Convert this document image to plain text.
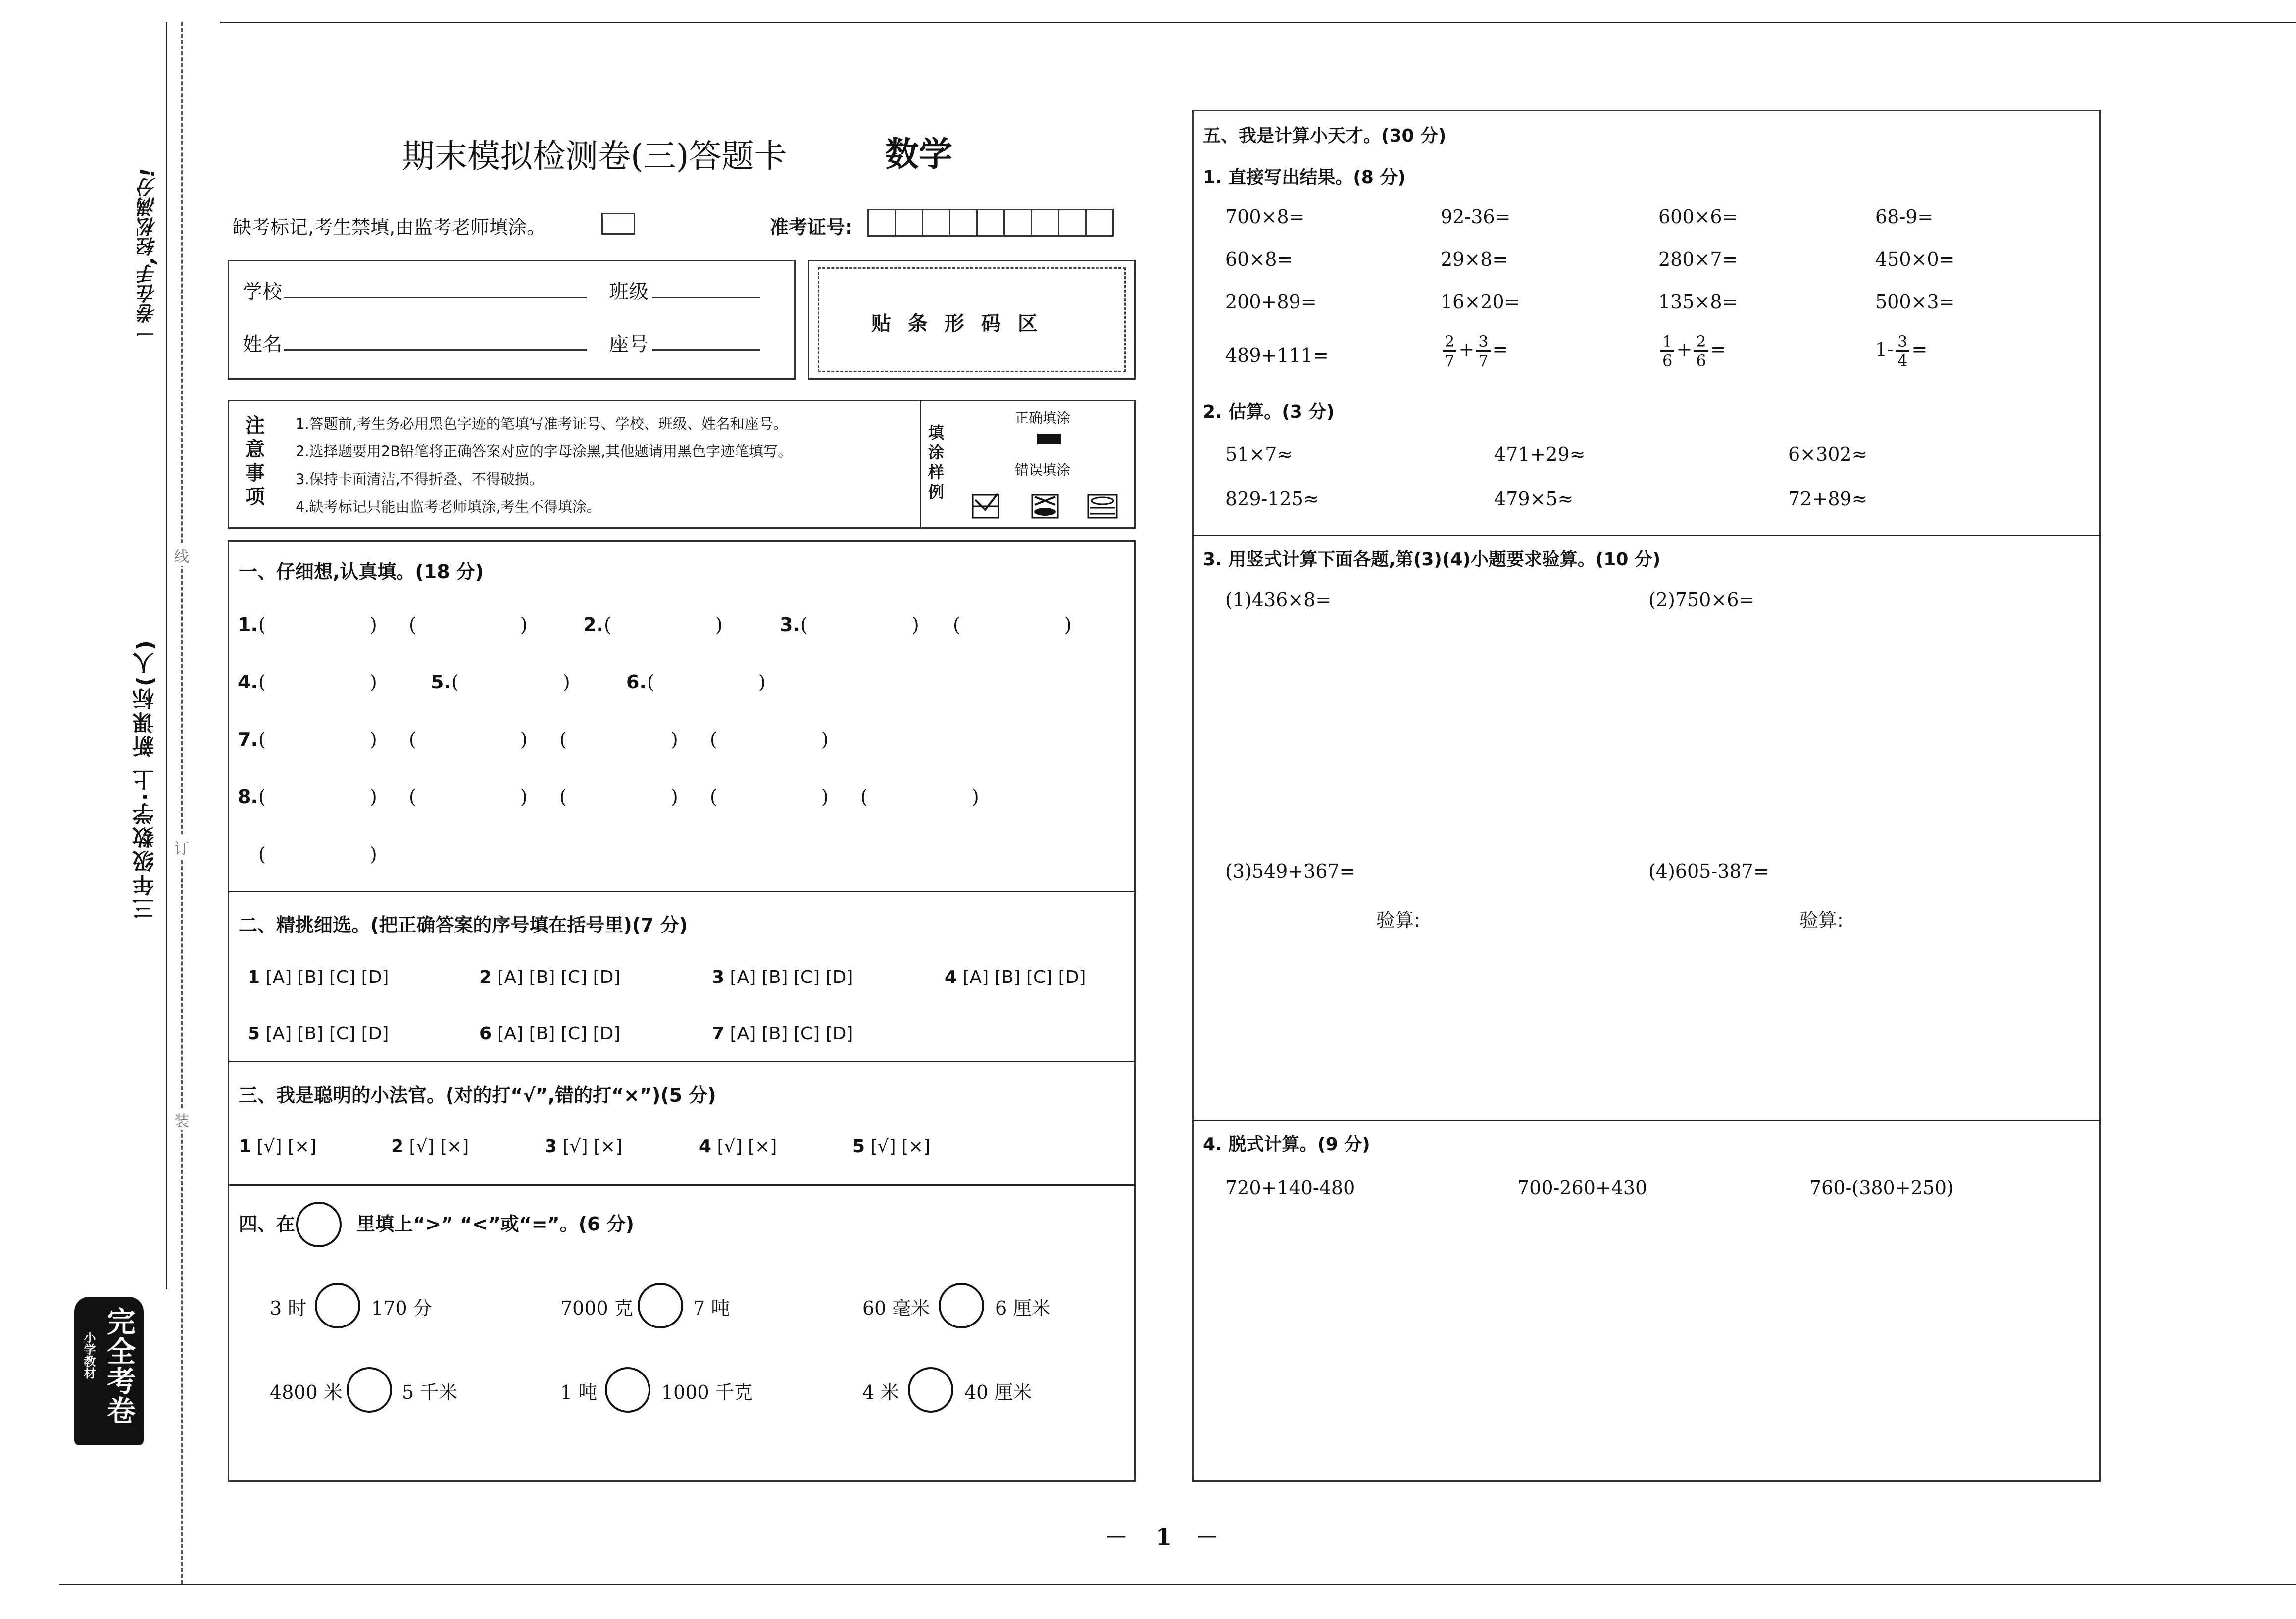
一卷在手,轻松满分!
三年级数学·上 新课标(人)
线
订
装
小学教材 完全考卷
期末模拟检测卷(三)答题卡	数学
缺考标记,考生禁填,由监考老师填涂。	准考证号:
学校	班级
姓名	座号
贴 条 形 码 区
注
意
事
项
1.答题前,考生务必用黑色字迹的笔填写准考证号、学校、班级、姓名和座号。
2.选择题要用2B铅笔将正确答案对应的字母涂黑,其他题请用黑色字迹笔填写。
3.保持卡面清洁,不得折叠、不得破损。
4.缺考标记只能由监考老师填涂,考生不得填涂。
填
涂
样
例
正确填涂
错误填涂
一、仔细想,认真填。(18 分)
1. (	) (	)	2. (	)	3. (	) (	)
4. (	)	5. (	)	6. (	)
7. (	) (	) (	) (	)
8. (	) (	) (	) (	) (	)
(	)
二、精挑细选。(把正确答案的序号填在括号里)(7 分)
1 [A] [B] [C] [D]	2 [A] [B] [C] [D]	3 [A] [B] [C] [D]	4 [A] [B] [C] [D]
5 [A] [B] [C] [D]	6 [A] [B] [C] [D]	7 [A] [B] [C] [D]
三、我是聪明的小法官。(对的打“√”,错的打“×”)(5 分)
1 [√] [×]	2 [√] [×]	3 [√] [×]	4 [√] [×]	5 [√] [×]
四、在	里填上“>” “<”或“=”。(6 分)
3 时	170 分	7000 克	7 吨	60 毫米	6 厘米
4800 米	5 千米	1 吨	1000 千克	4 米	40 厘米
五、我是计算小天才。(30 分)
1. 直接写出结果。(8 分)
700×8=	92-36=	600×6=	68-9=
60×8=	29×8=	280×7=	450×0=
200+89=	16×20=	135×8=	500×3=
489+111=	$\frac{2}{7} + \frac{3}{7}$ =	$\frac{1}{6} + \frac{2}{6}$ =	$1- \frac{3}{4}$ =
2. 估算。(3 分)
51×7≈	471+29≈	6×302≈
829-125≈	479×5≈	72+89≈
3. 用竖式计算下面各题,第(3)(4)小题要求验算。(10 分)
(1)436×8=	(2)750×6=
(3)549+367=	(4)605-387=
验算:	验算:
4. 脱式计算。(9 分)
720+140-480	700-260+430	760-(380+250)
— 1 —
